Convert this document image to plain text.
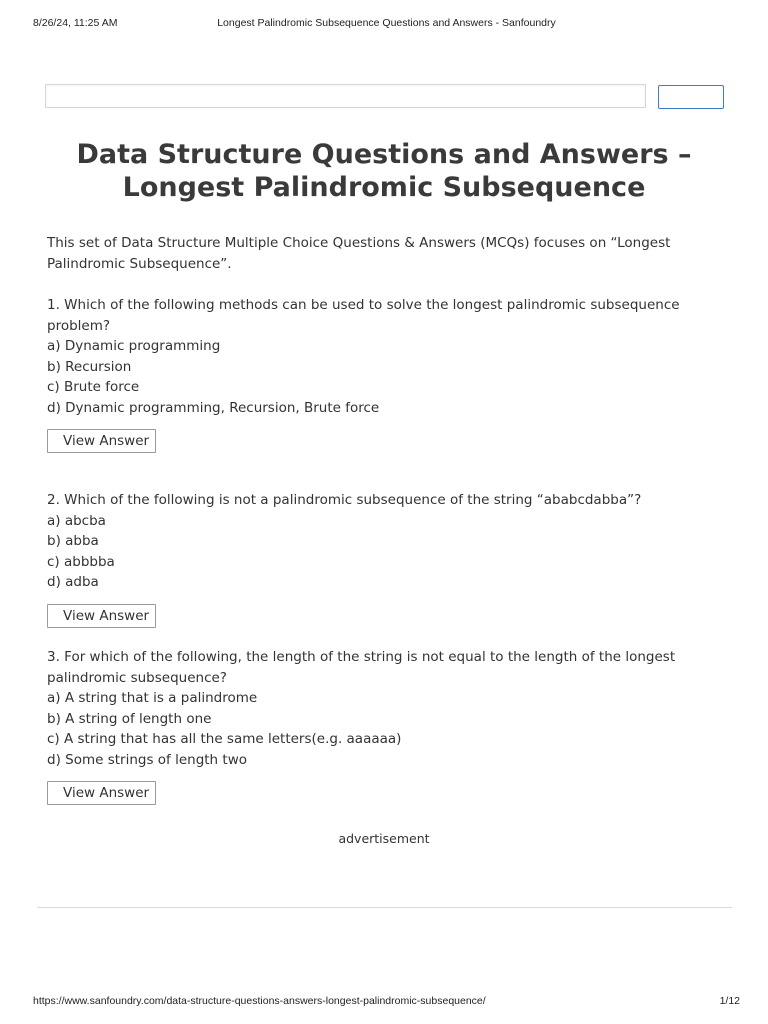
8/26/24, 11:25 AM	Longest Palindromic Subsequence Questions and Answers - Sanfoundry
Data Structure Questions and Answers – Longest Palindromic Subsequence

This set of Data Structure Multiple Choice Questions & Answers (MCQs) focuses on “Longest Palindromic Subsequence”.

1. Which of the following methods can be used to solve the longest palindromic subsequence problem?

a) Dynamic programming
b) Recursion
c) Brute force
d) Dynamic programming, Recursion, Brute force
View Answer

2. Which of the following is not a palindromic subsequence of the string “ababcdabba”?

a) abcba
b) abba
c) abbbba
d) adba
View Answer

3. For which of the following, the length of the string is not equal to the length of the longest palindromic subsequence?

a) A string that is a palindrome
b) A string of length one
c) A string that has all the same letters(e.g. aaaaaa)
d) Some strings of length two
View Answer
advertisement
https://www.sanfoundry.com/data-structure-questions-answers-longest-palindromic-subsequence/	1/12
